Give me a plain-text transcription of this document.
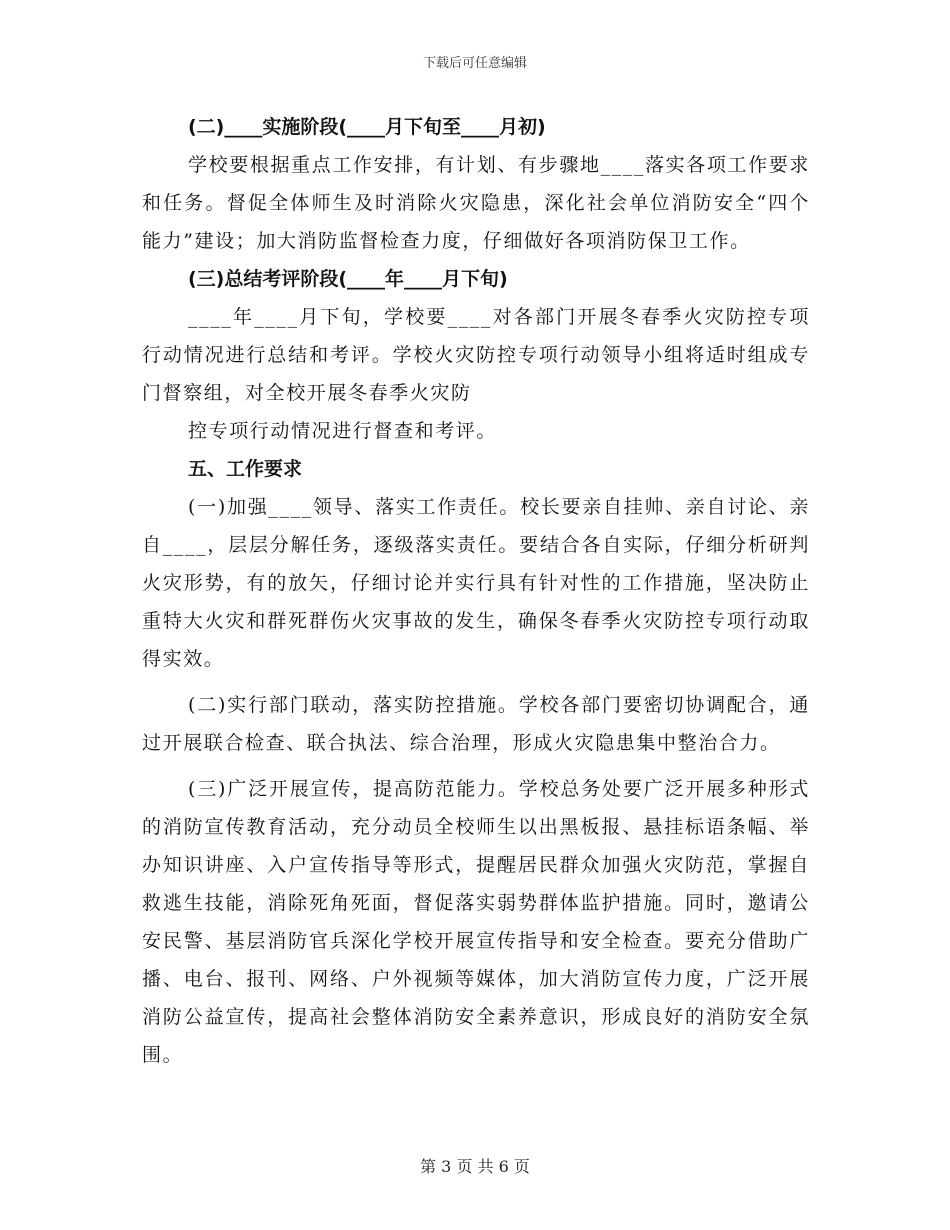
下载后可任意编辑
(二)____实施阶段(____月下旬至____月初)
学校要根据重点工作安排，有计划、有步骤地____落实各项工作要求和任务。督促全体师生及时消除火灾隐患，深化社会单位消防安全“四个能力”建设；加大消防监督检查力度，仔细做好各项消防保卫工作。
(三)总结考评阶段(____年____月下旬)
____年____月下旬，学校要____对各部门开展冬春季火灾防控专项行动情况进行总结和考评。学校火灾防控专项行动领导小组将适时组成专门督察组，对全校开展冬春季火灾防
控专项行动情况进行督查和考评。
五、工作要求
(一)加强____领导、落实工作责任。校长要亲自挂帅、亲自讨论、亲自____，层层分解任务，逐级落实责任。要结合各自实际，仔细分析研判火灾形势，有的放矢，仔细讨论并实行具有针对性的工作措施，坚决防止重特大火灾和群死群伤火灾事故的发生，确保冬春季火灾防控专项行动取得实效。
(二)实行部门联动，落实防控措施。学校各部门要密切协调配合，通过开展联合检查、联合执法、综合治理，形成火灾隐患集中整治合力。
(三)广泛开展宣传，提高防范能力。学校总务处要广泛开展多种形式的消防宣传教育活动，充分动员全校师生以出黑板报、悬挂标语条幅、举办知识讲座、入户宣传指导等形式，提醒居民群众加强火灾防范，掌握自救逃生技能，消除死角死面，督促落实弱势群体监护措施。同时，邀请公安民警、基层消防官兵深化学校开展宣传指导和安全检查。要充分借助广播、电台、报刊、网络、户外视频等媒体，加大消防宣传力度，广泛开展消防公益宣传，提高社会整体消防安全素养意识，形成良好的消防安全氛围。
第 3 页 共 6 页
